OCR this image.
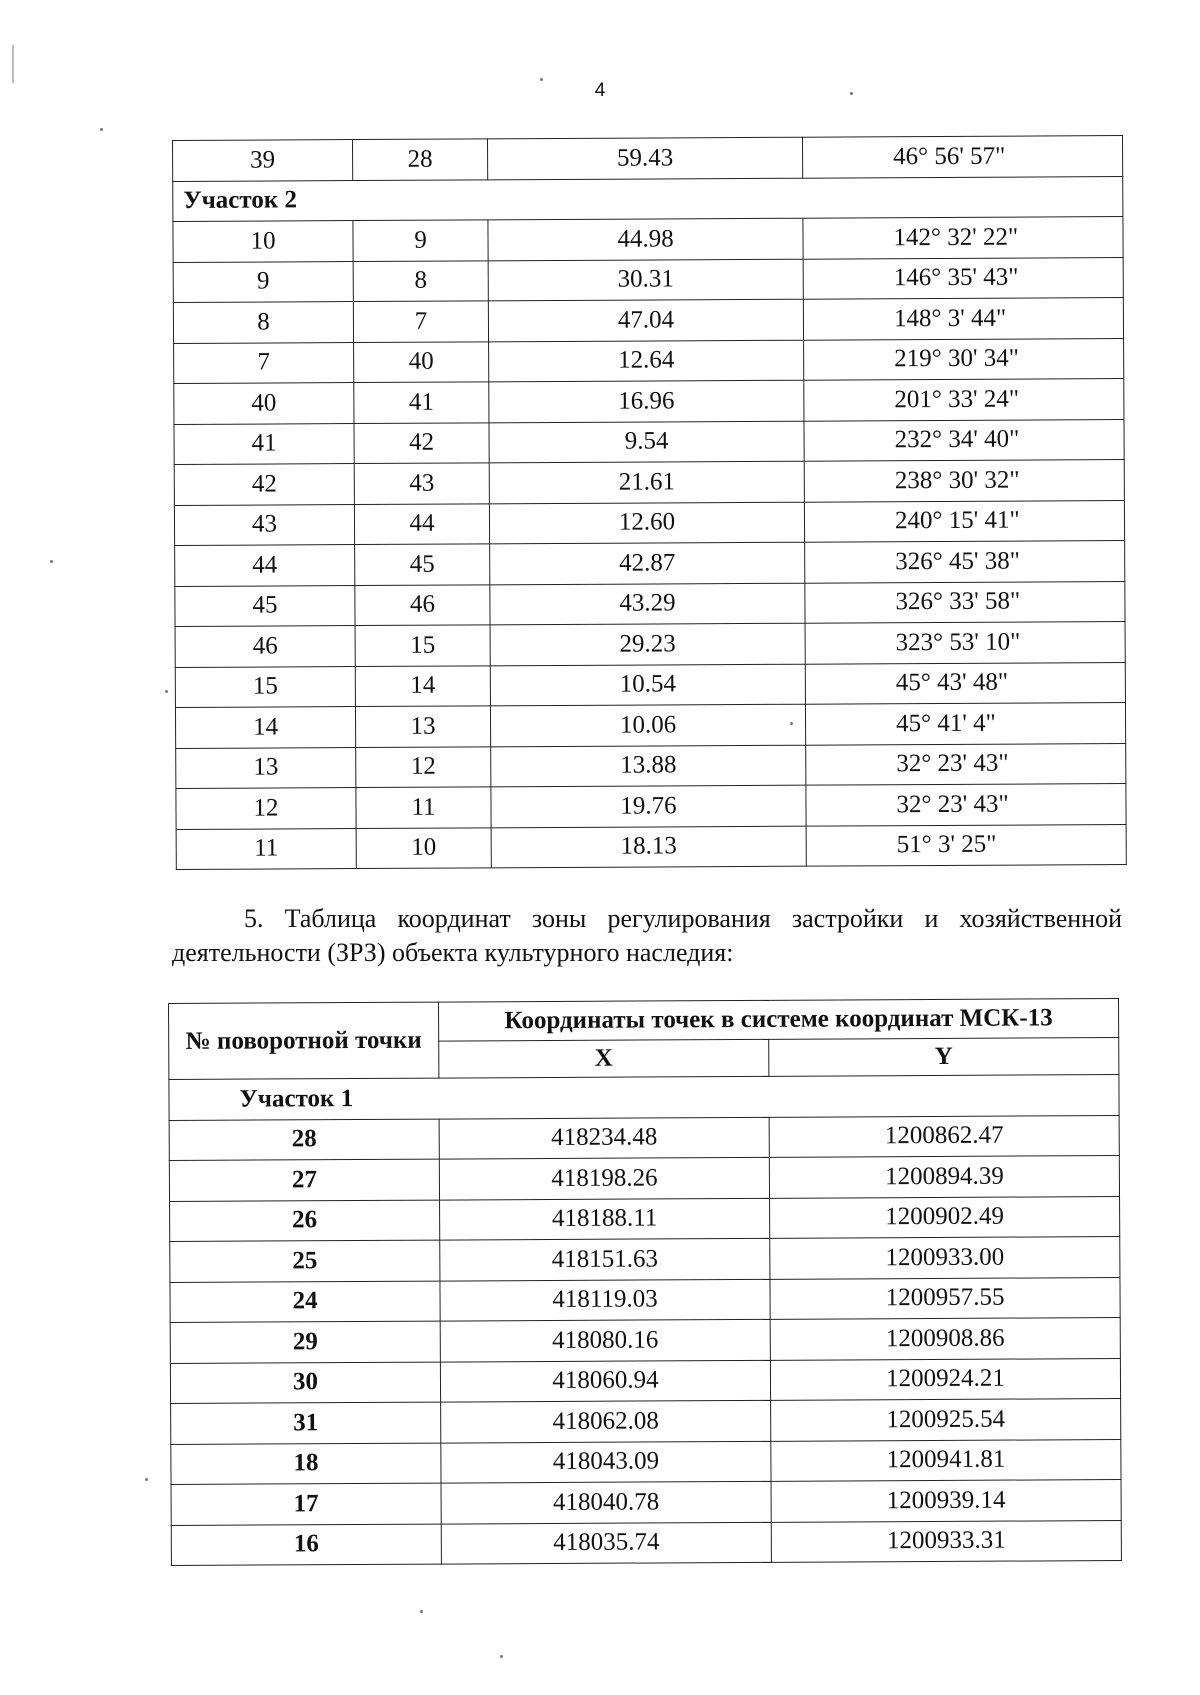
4
39	28	59.43	46° 56' 57"
Участок 2			
10	9	44.98	142° 32' 22"
9	8	30.31	146° 35' 43"
8	7	47.04	148° 3' 44"
7	40	12.64	219° 30' 34"
40	41	16.96	201° 33' 24"
41	42	9.54	232° 34' 40"
42	43	21.61	238° 30' 32"
43	44	12.60	240° 15' 41"
44	45	42.87	326° 45' 38"
45	46	43.29	326° 33' 58"
46	15	29.23	323° 53' 10"
15	14	10.54	45° 43' 48"
14	13	10.06	45° 41' 4"
13	12	13.88	32° 23' 43"
12	11	19.76	32° 23' 43"
11	10	18.13	51° 3' 25"
5. Таблица координат зоны регулирования застройки и хозяйственной деятельности (ЗРЗ) объекта культурного наследия:
№ поворотной точки	Координаты точек в системе координат МСК-13	
	X	Y
Участок 1		
28	418234.48	1200862.47
27	418198.26	1200894.39
26	418188.11	1200902.49
25	418151.63	1200933.00
24	418119.03	1200957.55
29	418080.16	1200908.86
30	418060.94	1200924.21
31	418062.08	1200925.54
18	418043.09	1200941.81
17	418040.78	1200939.14
16	418035.74	1200933.31
